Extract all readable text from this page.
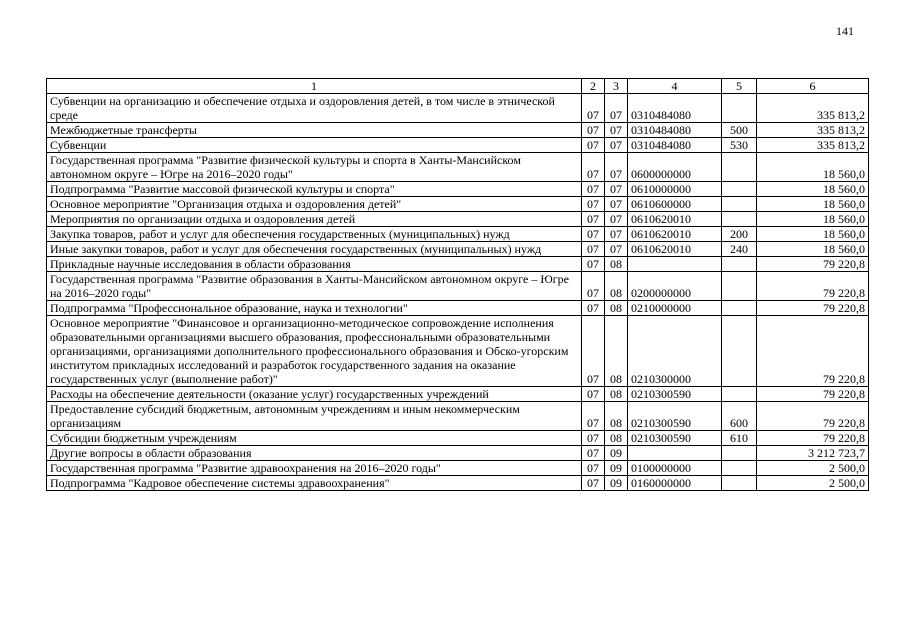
141
1	2	3	4	5	6
Субвенции на организацию и обеспечение отдыха и оздоровления детей, в том числе в этнической среде	07	07	0310484080		335 813,2
Межбюджетные трансферты	07	07	0310484080	500	335 813,2
Субвенции	07	07	0310484080	530	335 813,2
Государственная программа "Развитие физической культуры и спорта в Ханты-Мансийском автономном округе – Югре на 2016–2020 годы"	07	07	0600000000		18 560,0
Подпрограмма "Развитие массовой физической культуры и спорта"	07	07	0610000000		18 560,0
Основное мероприятие "Организация отдыха и оздоровления детей"	07	07	0610600000		18 560,0
Мероприятия по организации отдыха и оздоровления детей	07	07	0610620010		18 560,0
Закупка товаров, работ и услуг для обеспечения государственных (муниципальных) нужд	07	07	0610620010	200	18 560,0
Иные закупки товаров, работ и услуг для обеспечения государственных (муниципальных) нужд	07	07	0610620010	240	18 560,0
Прикладные научные исследования в области образования	07	08			79 220,8
Государственная программа "Развитие образования в Ханты-Мансийском автономном округе – Югре на 2016–2020 годы"	07	08	0200000000		79 220,8
Подпрограмма "Профессиональное образование, наука и технологии"	07	08	0210000000		79 220,8
Основное мероприятие "Финансовое и организационно-методическое сопровождение исполнения образовательными организациями высшего образования, профессиональными образовательными организациями, организациями дополнительного профессионального образования и Обско-угорским институтом прикладных исследований и разработок государственного задания на оказание государственных услуг (выполнение работ)"	07	08	0210300000		79 220,8
Расходы на обеспечение деятельности (оказание услуг) государственных учреждений	07	08	0210300590		79 220,8
Предоставление субсидий бюджетным, автономным учреждениям и иным некоммерческим организациям	07	08	0210300590	600	79 220,8
Субсидии бюджетным учреждениям	07	08	0210300590	610	79 220,8
Другие вопросы в области образования	07	09			3 212 723,7
Государственная программа "Развитие здравоохранения на 2016–2020 годы"	07	09	0100000000		2 500,0
Подпрограмма "Кадровое обеспечение системы здравоохранения"	07	09	0160000000		2 500,0
